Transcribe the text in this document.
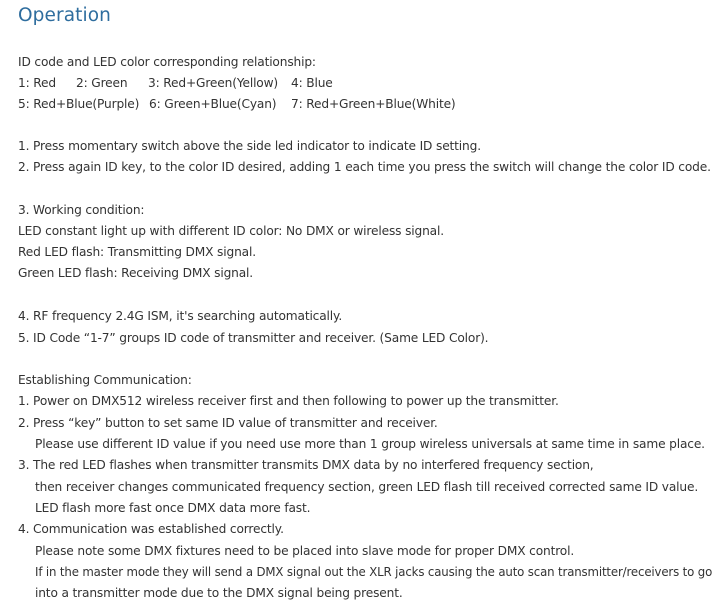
Operation
ID code and LED color corresponding relationship:
1: Red 2: Green 3: Red+Green(Yellow) 4: Blue
5: Red+Blue(Purple) 6: Green+Blue(Cyan) 7: Red+Green+Blue(White)
1. Press momentary switch above the side led indicator to indicate ID setting.
2. Press again ID key, to the color ID desired, adding 1 each time you press the switch will change the color ID code.
3. Working condition:
LED constant light up with different ID color: No DMX or wireless signal.
Red LED flash: Transmitting DMX signal.
Green LED flash: Receiving DMX signal.
4. RF frequency 2.4G ISM, it's searching automatically.
5. ID Code “1-7” groups ID code of transmitter and receiver. (Same LED Color).
Establishing Communication:
1. Power on DMX512 wireless receiver first and then following to power up the transmitter.
2. Press “key” button to set same ID value of transmitter and receiver.
Please use different ID value if you need use more than 1 group wireless universals at same time in same place.
3. The red LED flashes when transmitter transmits DMX data by no interfered frequency section,
then receiver changes communicated frequency section, green LED flash till received corrected same ID value.
LED flash more fast once DMX data more fast.
4. Communication was established correctly.
Please note some DMX fixtures need to be placed into slave mode for proper DMX control.
If in the master mode they will send a DMX signal out the XLR jacks causing the auto scan transmitter/receivers to go
into a transmitter mode due to the DMX signal being present.
